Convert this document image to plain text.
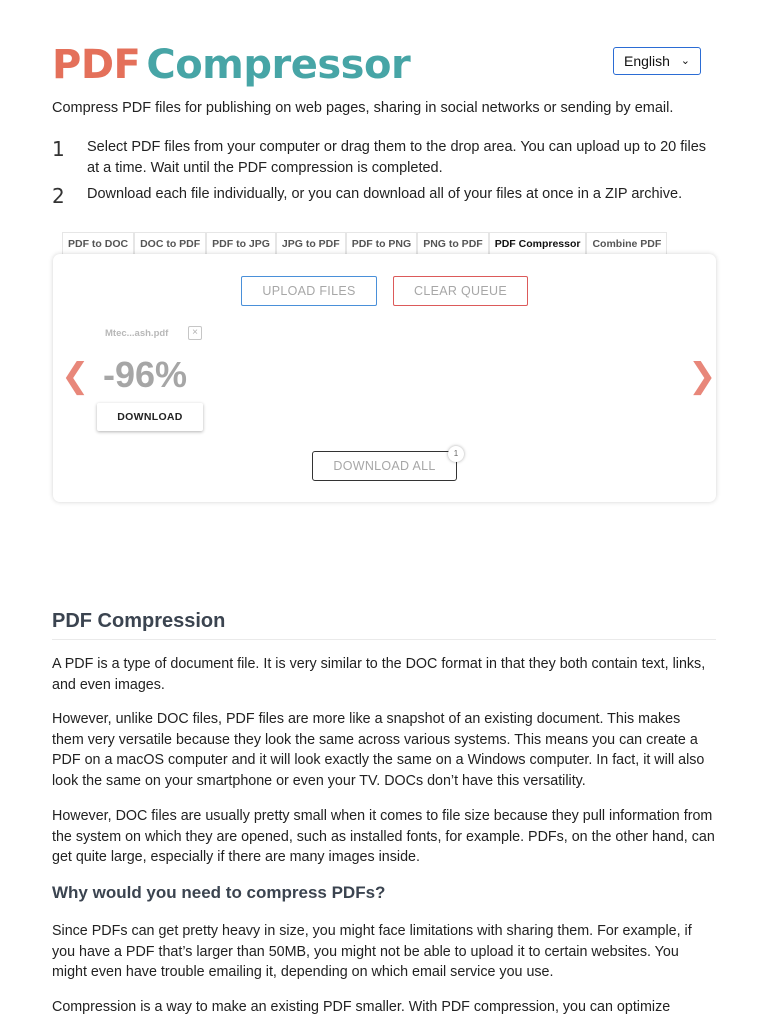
PDF Compressor	English ⌄
Compress PDF files for publishing on web pages, sharing in social networks or sending by email.
1 Select PDF files from your computer or drag them to the drop area. You can upload up to 20 files at a time. Wait until the PDF compression is completed.
2 Download each file individually, or you can download all of your files at once in a ZIP archive.
PDF to DOC	DOC to PDF	PDF to JPG	JPG to PDF	PDF to PNG	PNG to PDF	PDF Compressor	Combine PDF
UPLOAD FILES	CLEAR QUEUE
❮	❯
Mtec...ash.pdf	×
-96%
DOWNLOAD
DOWNLOAD ALL
1
PDF Compression
A PDF is a type of document file. It is very similar to the DOC format in that they both contain text, links, and even images.
However, unlike DOC files, PDF files are more like a snapshot of an existing document. This makes them very versatile because they look the same across various systems. This means you can create a PDF on a macOS computer and it will look exactly the same on a Windows computer. In fact, it will also look the same on your smartphone or even your TV. DOCs don’t have this versatility.
However, DOC files are usually pretty small when it comes to file size because they pull information from the system on which they are opened, such as installed fonts, for example. PDFs, on the other hand, can get quite large, especially if there are many images inside.
Why would you need to compress PDFs?
Since PDFs can get pretty heavy in size, you might face limitations with sharing them. For example, if you have a PDF that’s larger than 50MB, you might not be able to upload it to certain websites. You might even have trouble emailing it, depending on which email service you use.
Compression is a way to make an existing PDF smaller. With PDF compression, you can optimize
